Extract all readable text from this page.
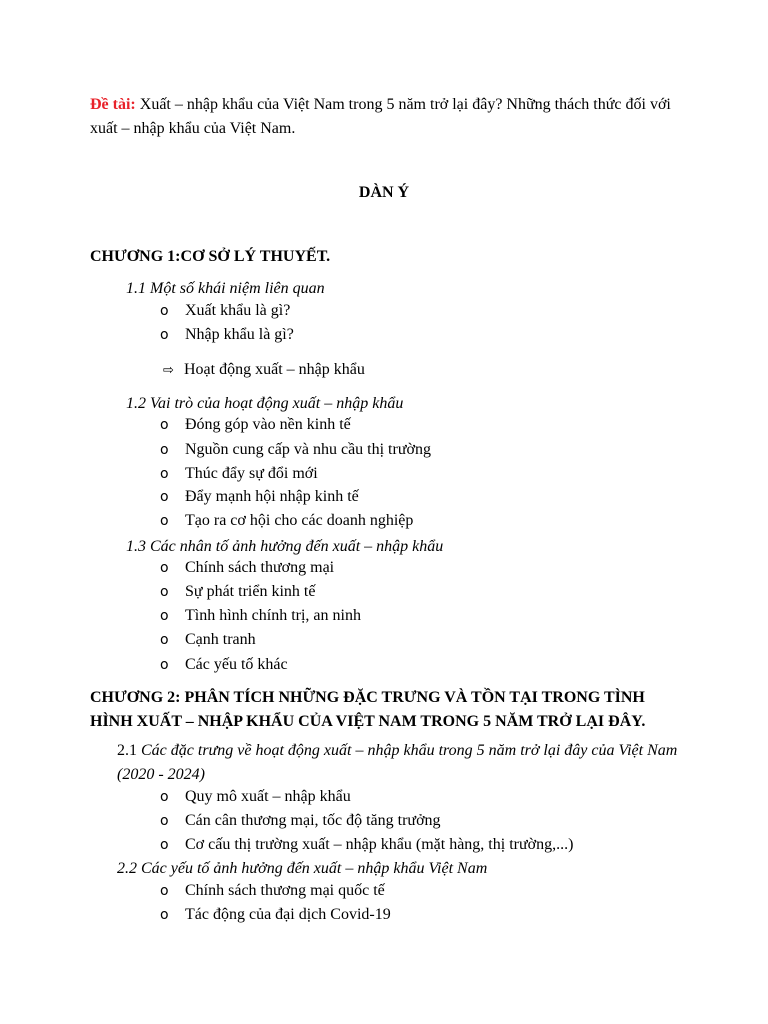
Đề tài: Xuất – nhập khẩu của Việt Nam trong 5 năm trở lại đây? Những thách thức đối với xuất – nhập khẩu của Việt Nam.
DÀN Ý
CHƯƠNG 1:CƠ SỞ LÝ THUYẾT.
1.1 Một số khái niệm liên quan
o Xuất khẩu là gì?
o Nhập khẩu là gì?
⇨ Hoạt động xuất – nhập khẩu
1.2 Vai trò của hoạt động xuất – nhập khẩu
o Đóng góp vào nền kinh tế
o Nguồn cung cấp và nhu cầu thị trường
o Thúc đẩy sự đổi mới
o Đẩy mạnh hội nhập kinh tế
o Tạo ra cơ hội cho các doanh nghiệp
1.3 Các nhân tố ảnh hưởng đến xuất – nhập khẩu
o Chính sách thương mại
o Sự phát triển kinh tế
o Tình hình chính trị, an ninh
o Cạnh tranh
o Các yếu tố khác
CHƯƠNG 2: PHÂN TÍCH NHỮNG ĐẶC TRƯNG VÀ TỒN TẠI TRONG TÌNH HÌNH XUẤT – NHẬP KHẨU CỦA VIỆT NAM TRONG 5 NĂM TRỞ LẠI ĐÂY.
2.1 Các đặc trưng về hoạt động xuất – nhập khẩu trong 5 năm trở lại đây của Việt Nam (2020 - 2024)
o Quy mô xuất – nhập khẩu
o Cán cân thương mại, tốc độ tăng trưởng
o Cơ cấu thị trường xuất – nhập khẩu (mặt hàng, thị trường,...)
2.2 Các yếu tố ảnh hưởng đến xuất – nhập khẩu Việt Nam
o Chính sách thương mại quốc tế
o Tác động của đại dịch Covid-19
